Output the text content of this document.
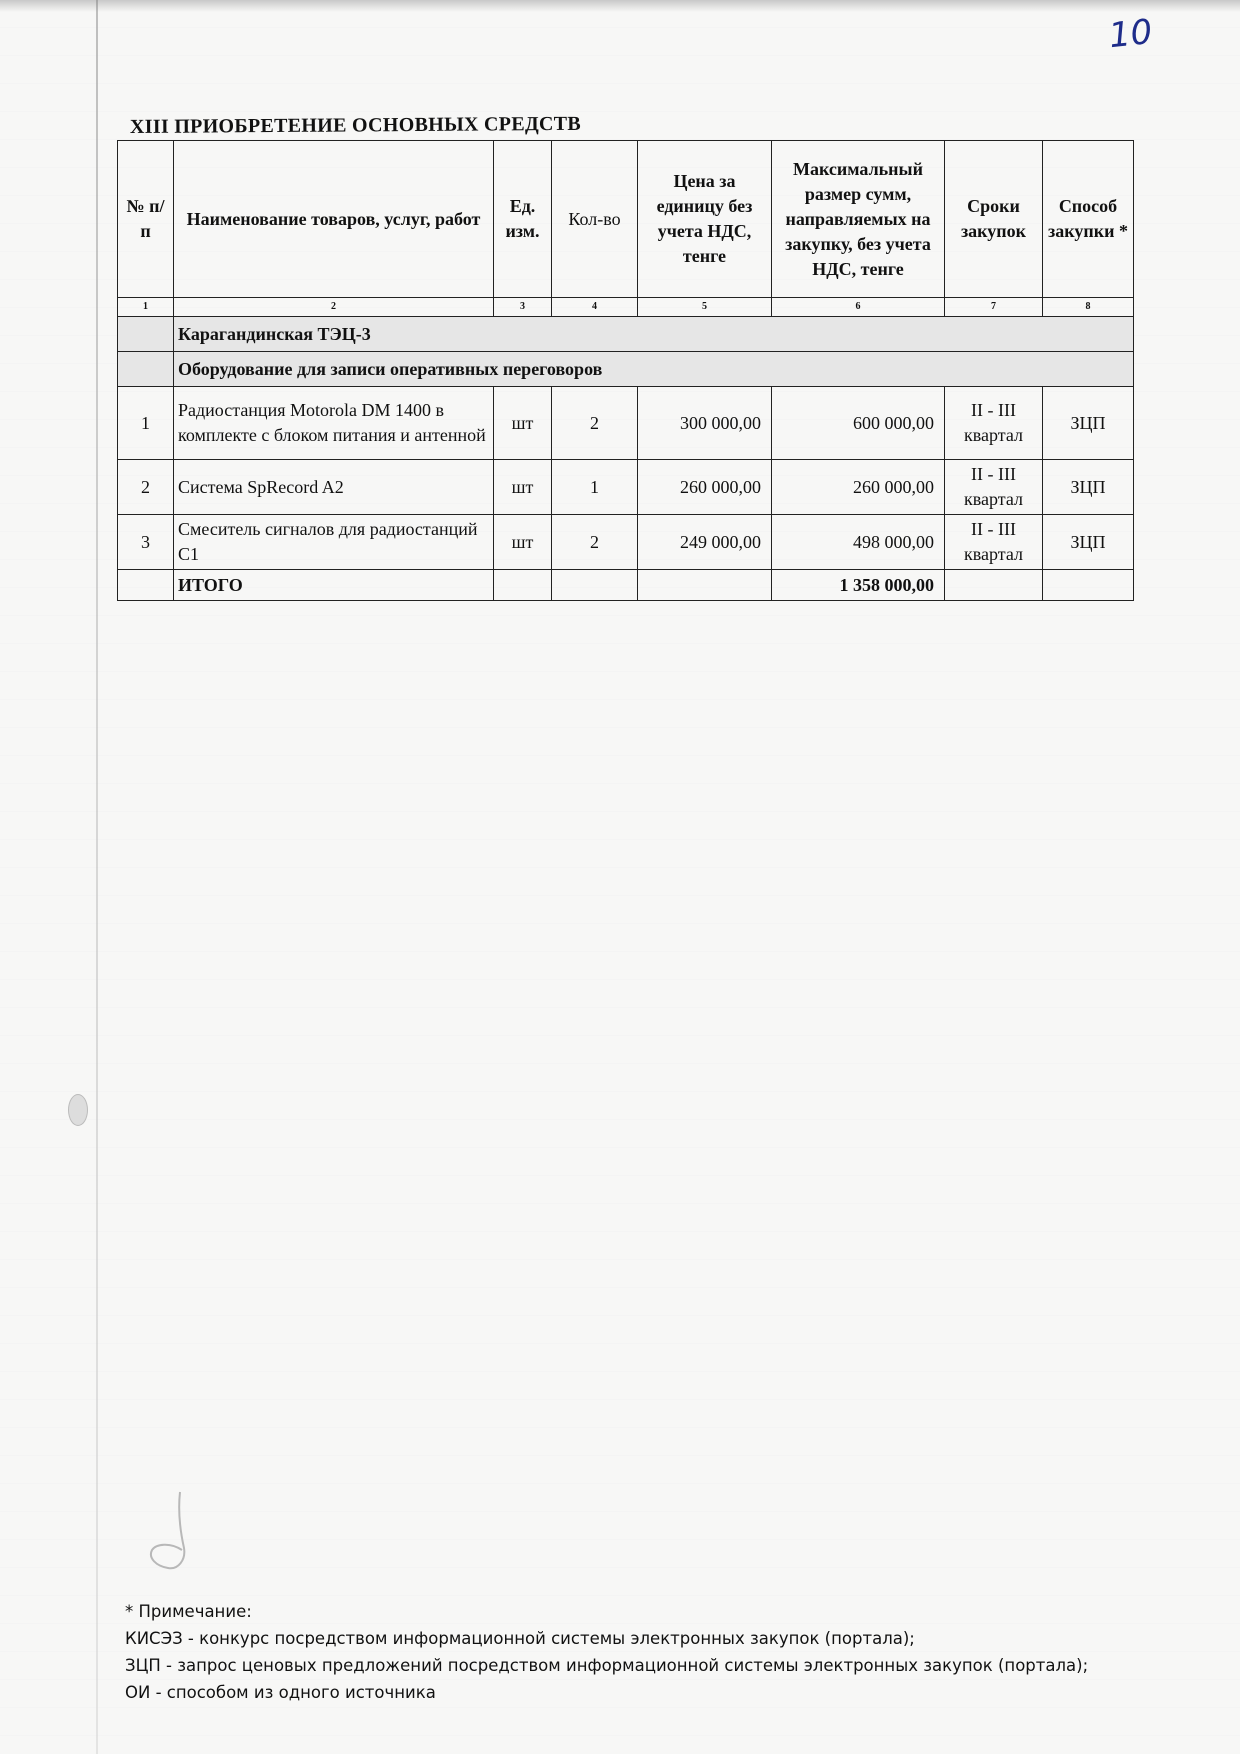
10
XIII ПРИОБРЕТЕНИЕ ОСНОВНЫХ СРЕДСТВ
№ п/п	Наименование товаров, услуг, работ	Ед. изм.	Кол-во	Цена за единицу без учета НДС, тенге	Максимальный размер сумм, направляемых на закупку, без учета НДС, тенге	Сроки закупок	Способ закупки *
1	2	3	4	5	6	7	8
	Карагандинская ТЭЦ-3						
	Оборудование для записи оперативных переговоров						
1	Радиостанция Motorola DM 1400 в комплекте с блоком питания и антенной	шт	2	300 000,00	600 000,00	II - III квартал	ЗЦП
2	Система SpRecord A2	шт	1	260 000,00	260 000,00	II - III квартал	ЗЦП
3	Смеситель сигналов для радиостанций С1	шт	2	249 000,00	498 000,00	II - III квартал	ЗЦП
	ИТОГО				1 358 000,00		
* Примечание:
КИСЭЗ - конкурс посредством информационной системы электронных закупок (портала);
ЗЦП - запрос ценовых предложений посредством информационной системы электронных закупок (портала);
ОИ - способом из одного источника
